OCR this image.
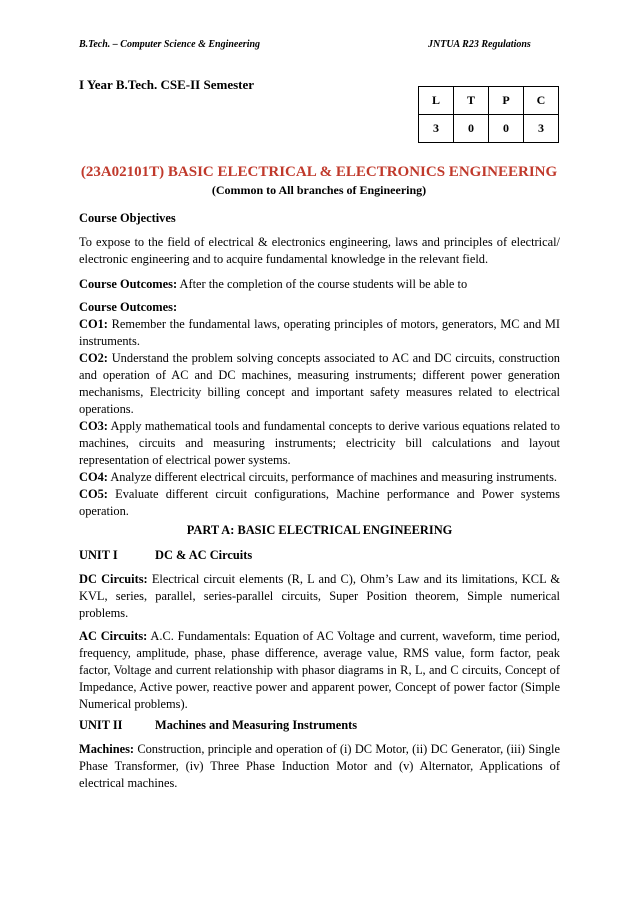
B.Tech. – Computer Science & Engineering	JNTUA R23 Regulations
I Year B.Tech. CSE-II Semester
L	T	P	C
3	0	0	3
(23A02101T) BASIC ELECTRICAL & ELECTRONICS ENGINEERING
(Common to All branches of Engineering)
Course Objectives
To expose to the field of electrical & electronics engineering, laws and principles of electrical/ electronic engineering and to acquire fundamental knowledge in the relevant field.
Course Outcomes: After the completion of the course students will be able to
Course Outcomes:

CO1: Remember the fundamental laws, operating principles of motors, generators, MC and MI instruments.

CO2: Understand the problem solving concepts associated to AC and DC circuits, construction and operation of AC and DC machines, measuring instruments; different power generation mechanisms, Electricity billing concept and important safety measures related to electrical operations.

CO3: Apply mathematical tools and fundamental concepts to derive various equations related to machines, circuits and measuring instruments; electricity bill calculations and layout representation of electrical power systems.

CO4: Analyze different electrical circuits, performance of machines and measuring instruments.

CO5: Evaluate different circuit configurations, Machine performance and Power systems operation.

PART A: BASIC ELECTRICAL ENGINEERING
UNIT I	DC & AC Circuits
DC Circuits: Electrical circuit elements (R, L and C), Ohm’s Law and its limitations, KCL & KVL, series, parallel, series-parallel circuits, Super Position theorem, Simple numerical problems.
AC Circuits: A.C. Fundamentals: Equation of AC Voltage and current, waveform, time period, frequency, amplitude, phase, phase difference, average value, RMS value, form factor, peak factor, Voltage and current relationship with phasor diagrams in R, L, and C circuits, Concept of Impedance, Active power, reactive power and apparent power, Concept of power factor (Simple Numerical problems).
UNIT II	Machines and Measuring Instruments
Machines: Construction, principle and operation of (i) DC Motor, (ii) DC Generator, (iii) Single Phase Transformer, (iv) Three Phase Induction Motor and (v) Alternator, Applications of electrical machines.
